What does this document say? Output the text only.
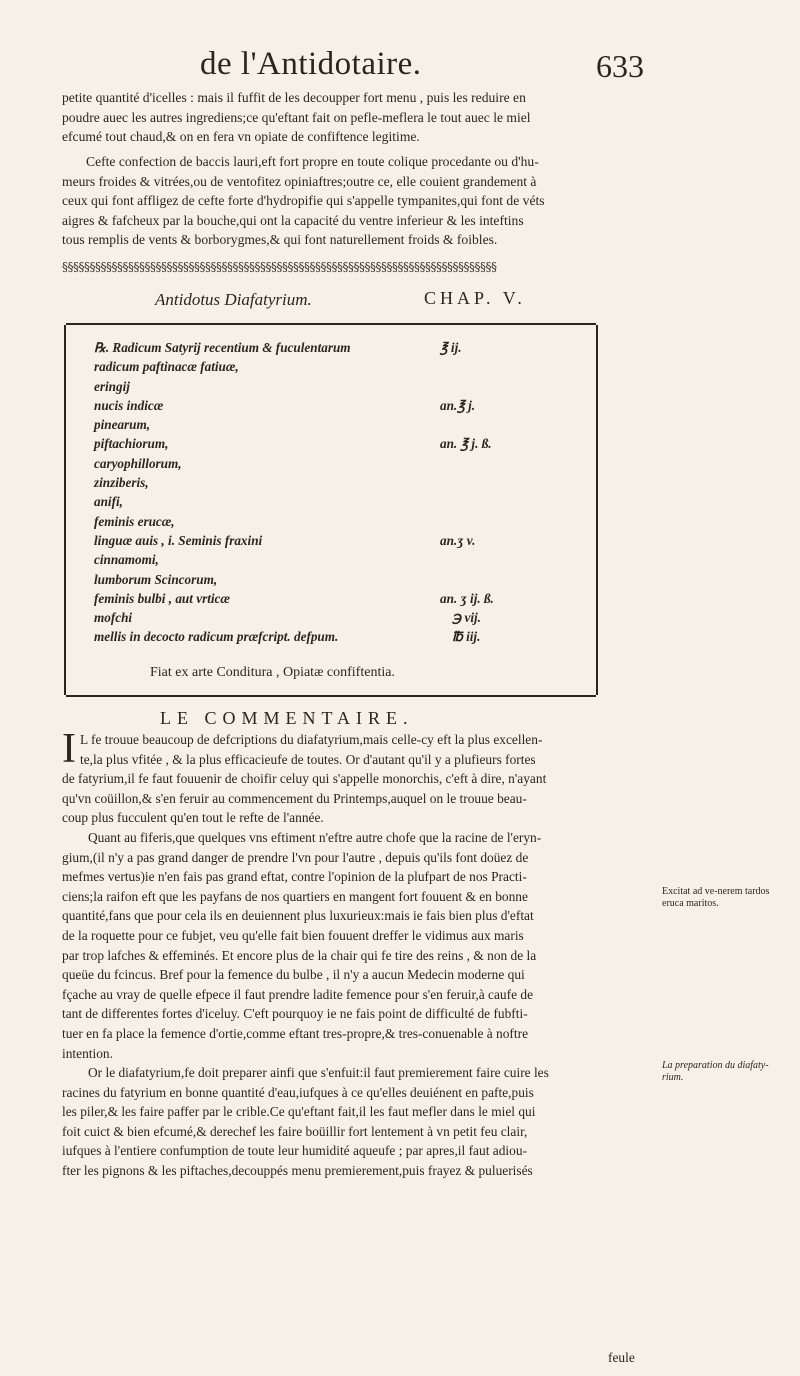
de l'Antidotaire.	633
petite quantité d'icelles : mais il fuffit de les decoupper fort menu , puis les reduire en
poudre auec les autres ingrediens;ce qu'eftant fait on pefle-meflera le tout auec le miel
efcumé tout chaud,& on en fera vn opiate de confiftence legitime.
Cefte confection de baccis lauri,eft fort propre en toute colique procedante ou d'hu-
meurs froides & vitrées,ou de ventofitez opiniaftres;outre ce, elle couient grandement à
ceux qui font affligez de cefte forte d'hydropifie qui s'appelle tympanites,qui font de véts
aigres & fafcheux par la bouche,qui ont la capacité du ventre inferieur & les inteftins
tous remplis de vents & borborygmes,& qui font naturellement froids & foibles.
§§§§§§§§§§§§§§§§§§§§§§§§§§§§§§§§§§§§§§§§§§§§§§§§§§§§§§§§§§§§§§§§§§§§§§§§§§§§§§§
Antidotus Diafatyrium.	CHAP. V.
℞. Radicum Satyrij recentium & fuculentarum
radicum paftinacæ fatiuæ,
eringij
nucis indicæ
pinearum,
piftachiorum,
caryophillorum,
zinziberis,
anifi,
feminis erucæ,
linguæ auis , i. Seminis fraxini
cinnamomi,
lumborum Scincorum,
feminis bulbi , aut vrticæ
mofchi
mellis in decocto radicum præfcript. defpum.
℥ ij.
an.℥ j.
an. ℥ j. ß.
an.ʒ v.
an. ʒ ij. ß.
℈ vij.
℔ iij.
Fiat ex arte Conditura , Opiatæ confiftentia.
LE COMMENTAIRE.
I L fe trouue beaucoup de defcriptions du diafatyrium,mais celle-cy eft la plus excellen-
te,la plus vfitée , & la plus efficacieufe de toutes. Or d'autant qu'il y a plufieurs fortes
de fatyrium,il fe faut fouuenir de choifir celuy qui s'appelle monorchis, c'eft à dire, n'ayant
qu'vn coüillon,& s'en feruir au commencement du Printemps,auquel on le trouue beau-
coup plus fucculent qu'en tout le refte de l'année.
Quant au fiferis,que quelques vns eftiment n'eftre autre chofe que la racine de l'eryn-
gium,(il n'y a pas grand danger de prendre l'vn pour l'autre , depuis qu'ils font doüez de
mefmes vertus)ie n'en fais pas grand eftat, contre l'opinion de la plufpart de nos Practi-
ciens;la raifon eft que les payfans de nos quartiers en mangent fort fouuent & en bonne
quantité,fans que pour cela ils en deuiennent plus luxurieux:mais ie fais bien plus d'eftat
de la roquette pour ce fubjet, veu qu'elle fait bien fouuent dreffer le vidimus aux maris
par trop lafches & effeminés. Et encore plus de la chair qui fe tire des reins , & non de la
queüe du fcincus. Bref pour la femence du bulbe , il n'y a aucun Medecin moderne qui
fçache au vray de quelle efpece il faut prendre ladite femence pour s'en feruir,à caufe de
tant de differentes fortes d'iceluy. C'eft pourquoy ie ne fais point de difficulté de fubfti-
tuer en fa place la femence d'ortie,comme eftant tres-propre,& tres-conuenable à noftre
intention.
Or le diafatyrium,fe doit preparer ainfi que s'enfuit:il faut premierement faire cuire les
racines du fatyrium en bonne quantité d'eau,iufques à ce qu'elles deuiénent en pafte,puis
les piler,& les faire paffer par le crible.Ce qu'eftant fait,il les faut mefler dans le miel qui
foit cuict & bien efcumé,& derechef les faire boüillir fort lentement à vn petit feu clair,
iufques à l'entiere confumption de toute leur humidité aqueufe ; par apres,il faut adiou-
fter les pignons & les piftaches,decouppés menu premierement,puis frayez & puluerisés
Excitat ad ve-nerem tardos eruca maritos.
La preparation du diafaty-rium.
feule
